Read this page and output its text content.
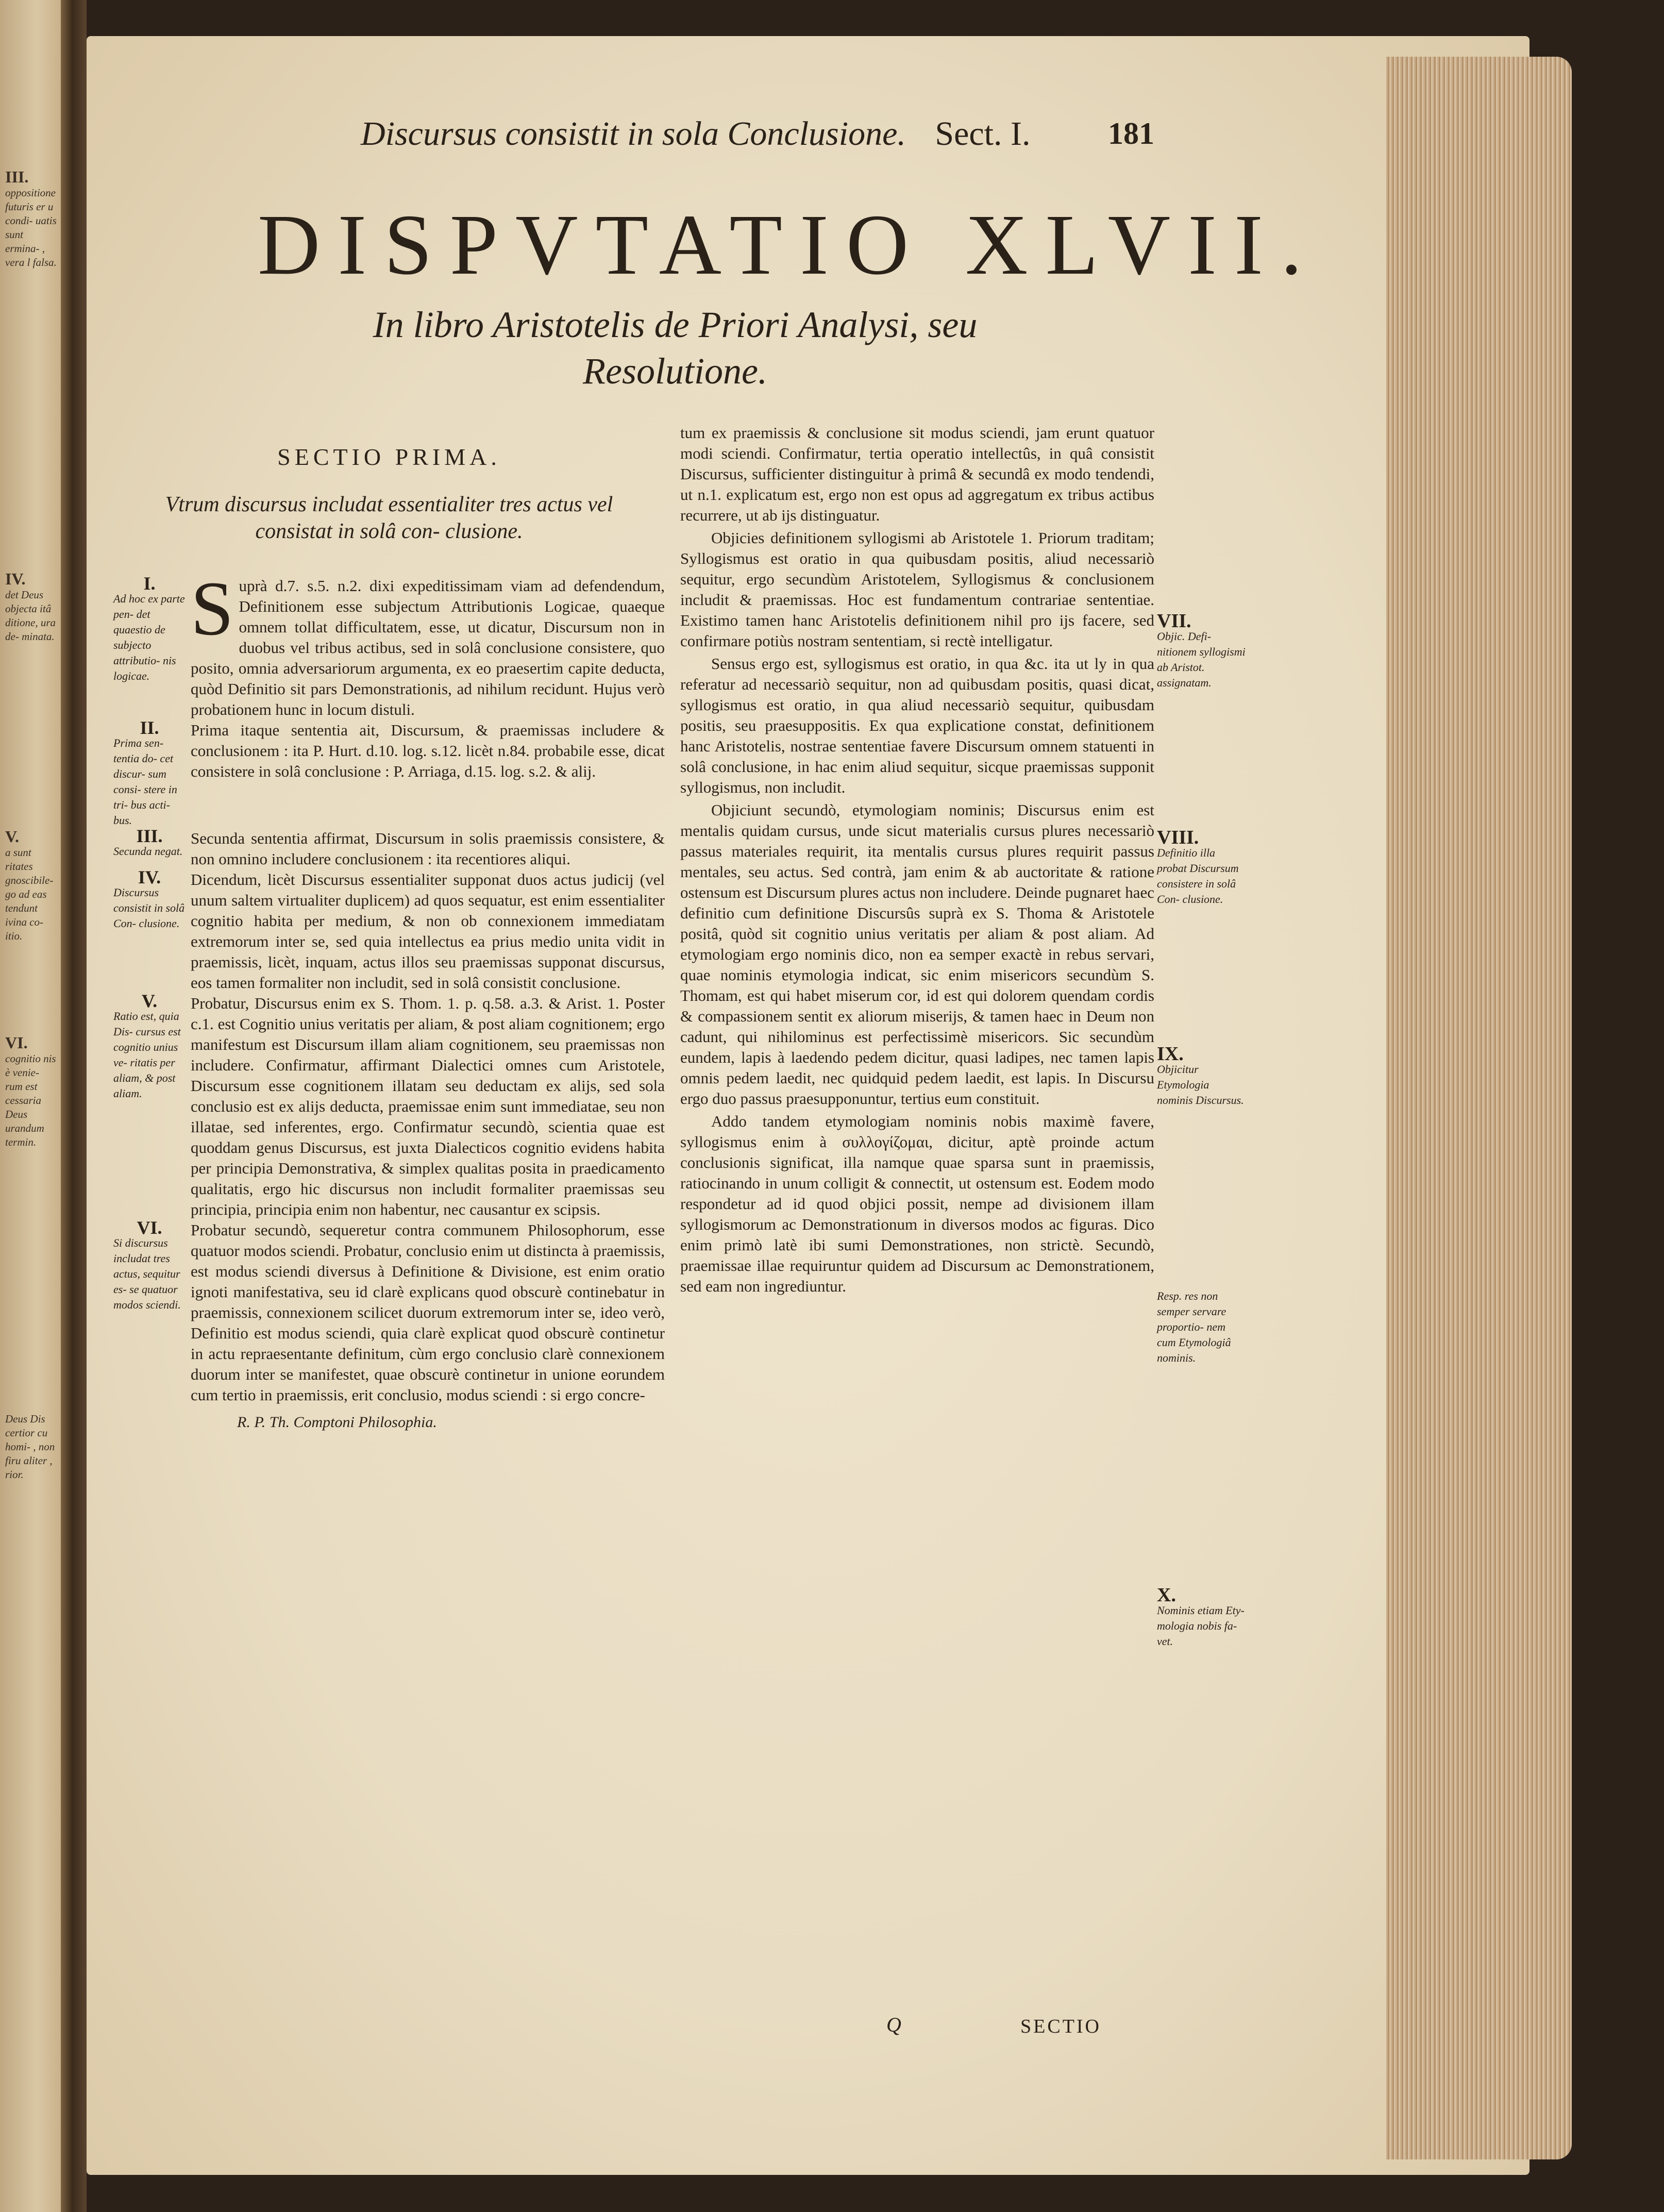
III.
oppositione futuris er u condi- uatis sunt ermina- , vera l falsa.
IV.
det Deus objecta itâ ditione, ura de- minata.
V.
a sunt ritates gnoscibile- go ad eas tendunt ivina co- itio.
VI.
cognitio nis è venie- rum est cessaria Deus urandum termin.
Deus Dis certior cu homi- , non firu aliter , rior.
Discursus consistit in sola Conclusione. Sect. I.	181
DISPVTATIO XLVII.
In libro Aristotelis de Priori Analysi, seu Resolutione.
SECTIO PRIMA.
Vtrum discursus includat essentialiter tres actus vel consistat in solâ con- clusione.
I.
Ad hoc ex parte pen- det quaestio de subjecto attributio- nis logicae.
Suprà d.7. s.5. n.2. dixi expeditissimam viam ad defendendum, Definitionem esse subjectum Attributionis Logicae, quaeque omnem tollat difficultatem, esse, ut dicatur, Discursum non in duobus vel tribus actibus, sed in solâ conclusione consistere, quo posito, omnia adversariorum argumenta, ex eo praesertim capite deducta, quòd Definitio sit pars Demonstrationis, ad nihilum recidunt. Hujus verò probationem hunc in locum distuli.
II.
Prima sen- tentia do- cet discur- sum consi- stere in tri- bus acti- bus.
Prima itaque sententia ait, Discursum, & praemissas includere & conclusionem : ita P. Hurt. d.10. log. s.12. licèt n.84. probabile esse, dicat consistere in solâ conclusione : P. Arriaga, d.15. log. s.2. & alij.
III.
Secunda negat.
Secunda sententia affirmat, Discursum in solis praemissis consistere, & non omnino includere conclusionem : ita recentiores aliqui.
IV.
Discursus consistit in solâ Con- clusione.
Dicendum, licèt Discursus essentialiter supponat duos actus judicij (vel unum saltem virtualiter duplicem) ad quos sequatur, est enim essentialiter cognitio habita per medium, & non ob connexionem immediatam extremorum inter se, sed quia intellectus ea prius medio unita vidit in praemissis, licèt, inquam, actus illos seu praemissas supponat discursus, eos tamen formaliter non includit, sed in solâ consistit conclusione.
V.
Ratio est, quia Dis- cursus est cognitio unius ve- ritatis per aliam, & post aliam.
Probatur, Discursus enim ex S. Thom. 1. p. q.58. a.3. & Arist. 1. Poster c.1. est Cognitio unius veritatis per aliam, & post aliam cognitionem; ergo manifestum est Discursum illam aliam cognitionem, seu praemissas non includere. Confirmatur, affirmant Dialectici omnes cum Aristotele, Discursum esse cognitionem illatam seu deductam ex alijs, sed sola conclusio est ex alijs deducta, praemissae enim sunt immediatae, seu non illatae, sed inferentes, ergo. Confirmatur secundò, scientia quae est quoddam genus Discursus, est juxta Dialecticos cognitio evidens habita per principia Demonstrativa, & simplex qualitas posita in praedicamento qualitatis, ergo hic discursus non includit formaliter praemissas seu principia, principia enim non habentur, nec causantur ex scipsis.
VI.
Si discursus includat tres actus, sequitur es- se quatuor modos sciendi.
Probatur secundò, sequeretur contra communem Philosophorum, esse quatuor modos sciendi. Probatur, conclusio enim ut distincta à praemissis, est modus sciendi diversus à Definitione & Divisione, est enim oratio ignoti manifestativa, seu id clarè explicans quod obscurè continebatur in praemissis, connexionem scilicet duorum extremorum inter se, ideo verò, Definitio est modus sciendi, quia clarè explicat quod obscurè continetur in actu repraesentante definitum, cùm ergo conclusio clarè connexionem duorum inter se manifestet, quae obscurè continetur in unione eorundem cum tertio in praemissis, erit conclusio, modus sciendi : si ergo concre-
R. P. Th. Comptoni Philosophia.
tum ex praemissis & conclusione sit modus sciendi, jam erunt quatuor modi sciendi. Confirmatur, tertia operatio intellectûs, in quâ consistit Discursus, sufficienter distinguitur à primâ & secundâ ex modo tendendi, ut n.1. explicatum est, ergo non est opus ad aggregatum ex tribus actibus recurrere, ut ab ijs distinguatur.
Objicies definitionem syllogismi ab Aristotele 1. Priorum traditam; Syllogismus est oratio in qua quibusdam positis, aliud necessariò sequitur, ergo secundùm Aristotelem, Syllogismus & conclusionem includit & praemissas. Hoc est fundamentum contrariae sententiae. Existimo tamen hanc Aristotelis definitionem nihil pro ijs facere, sed confirmare potiùs nostram sententiam, si rectè intelligatur.
Sensus ergo est, syllogismus est oratio, in qua &c. ita ut ly in qua referatur ad necessariò sequitur, non ad quibusdam positis, quasi dicat, syllogismus est oratio, in qua aliud necessariò sequitur, quibusdam positis, seu praesuppositis. Ex qua explicatione constat, definitionem hanc Aristotelis, nostrae sententiae favere Discursum omnem statuenti in solâ conclusione, in hac enim aliud sequitur, sicque praemissas supponit syllogismus, non includit.
Objiciunt secundò, etymologiam nominis; Discursus enim est mentalis quidam cursus, unde sicut materialis cursus plures necessariò passus materiales requirit, ita mentalis cursus plures requirit passus mentales, seu actus. Sed contrà, jam enim & ab auctoritate & ratione ostensum est Discursum plures actus non includere. Deinde pugnaret haec definitio cum definitione Discursûs suprà ex S. Thoma & Aristotele positâ, quòd sit cognitio unius veritatis per aliam & post aliam. Ad etymologiam ergo nominis dico, non ea semper exactè in rebus servari, quae nominis etymologia indicat, sic enim misericors secundùm S. Thomam, est qui habet miserum cor, id est qui dolorem quendam cordis & compassionem sentit ex aliorum miserijs, & tamen haec in Deum non cadunt, qui nihilominus est perfectissimè misericors. Sic secundùm eundem, lapis à laedendo pedem dicitur, quasi ladipes, nec tamen lapis omnis pedem laedit, nec quidquid pedem laedit, est lapis. In Discursu ergo duo passus praesupponuntur, tertius eum constituit.
Addo tandem etymologiam nominis nobis maximè favere, syllogismus enim à συλλογίζομαι, dicitur, aptè proinde actum conclusionis significat, illa namque quae sparsa sunt in praemissis, ratiocinando in unum colligit & connectit, ut ostensum est. Eodem modo respondetur ad id quod objici possit, nempe ad divisionem illam syllogismorum ac Demonstrationum in diversos modos ac figuras. Dico enim primò latè ibi sumi Demonstrationes, non strictè. Secundò, praemissae illae requiruntur quidem ad Discursum ac Demonstrationem, sed eam non ingrediuntur.
VII.
Objic. Defi- nitionem syllogismi ab Aristot. assignatam.
VIII.
Definitio illa probat Discursum consistere in solâ Con- clusione.
IX.
Objicitur Etymologia nominis Discursus.
Resp. res non semper servare proportio- nem cum Etymologiâ nominis.
X.
Nominis etiam Ety- mologia nobis fa- vet.
Q	SECTIO
